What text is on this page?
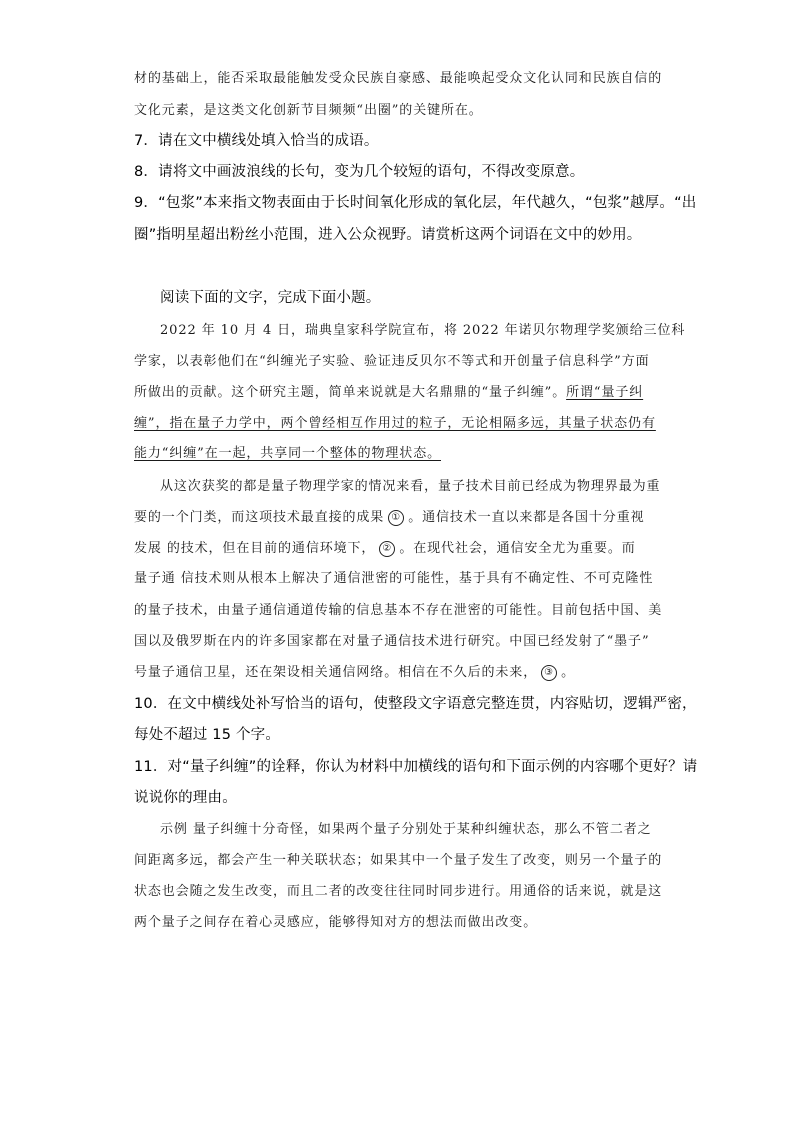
材的基础上，能否采取最能触发受众民族自豪感、最能唤起受众文化认同和民族自信的
文化元素，是这类文化创新节目频频“出圈”的关键所在。
7．请在文中横线处填入恰当的成语。
8．请将文中画波浪线的长句，变为几个较短的语句，不得改变原意。
9．“包浆”本来指文物表面由于长时间氧化形成的氧化层，年代越久，“包浆”越厚。“出
圈”指明星超出粉丝小范围，进入公众视野。请赏析这两个词语在文中的妙用。
阅读下面的文字，完成下面小题。
2022 年 10 月 4 日，瑞典皇家科学院宣布，将 2022 年诺贝尔物理学奖颁给三位科
学家，以表彰他们在“纠缠光子实验、验证违反贝尔不等式和开创量子信息科学”方面
所做出的贡献。这个研究主题，简单来说就是大名鼎鼎的“量子纠缠”。所谓“量子纠
缠”，指在量子力学中，两个曾经相互作用过的粒子，无论相隔多远，其量子状态仍有
能力“纠缠”在一起，共享同一个整体的物理状态。
从这次获奖的都是量子物理学家的情况来看，量子技术目前已经成为物理界最为重
要的一个门类，而这项技术最直接的成果 ① 。通信技术一直以来都是各国十分重视
发展 的技术，但在目前的通信环境下， ② 。在现代社会，通信安全尤为重要。而
量子通 信技术则从根本上解决了通信泄密的可能性，基于具有不确定性、不可克隆性
的量子技术，由量子通信通道传输的信息基本不存在泄密的可能性。目前包括中国、美
国以及俄罗斯在内的许多国家都在对量子通信技术进行研究。中国已经发射了“墨子”
号量子通信卫星，还在架设相关通信网络。相信在不久后的未来， ③ 。
10．在文中横线处补写恰当的语句，使整段文字语意完整连贯，内容贴切，逻辑严密，
每处不超过 15 个字。
11．对“量子纠缠”的诠释，你认为材料中加横线的语句和下面示例的内容哪个更好？请
说说你的理由。
示例 量子纠缠十分奇怪，如果两个量子分别处于某种纠缠状态，那么不管二者之
间距离多远，都会产生一种关联状态；如果其中一个量子发生了改变，则另一个量子的
状态也会随之发生改变，而且二者的改变往往同时同步进行。用通俗的话来说，就是这
两个量子之间存在着心灵感应，能够得知对方的想法而做出改变。
